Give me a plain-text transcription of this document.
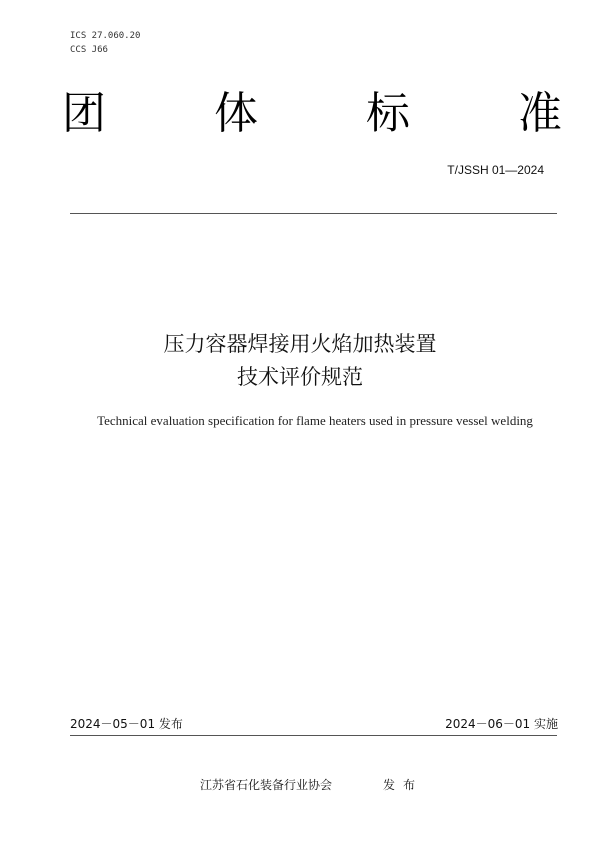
ICS 27.060.20
CCS J66
团 体 标 准
T/JSSH 01—2024
压力容器焊接用火焰加热装置
技术评价规范
Technical evaluation specification for flame heaters used in pressure vessel welding
2024－05－01 发布	2024－06－01 实施
江苏省石化装备行业协会	发布
